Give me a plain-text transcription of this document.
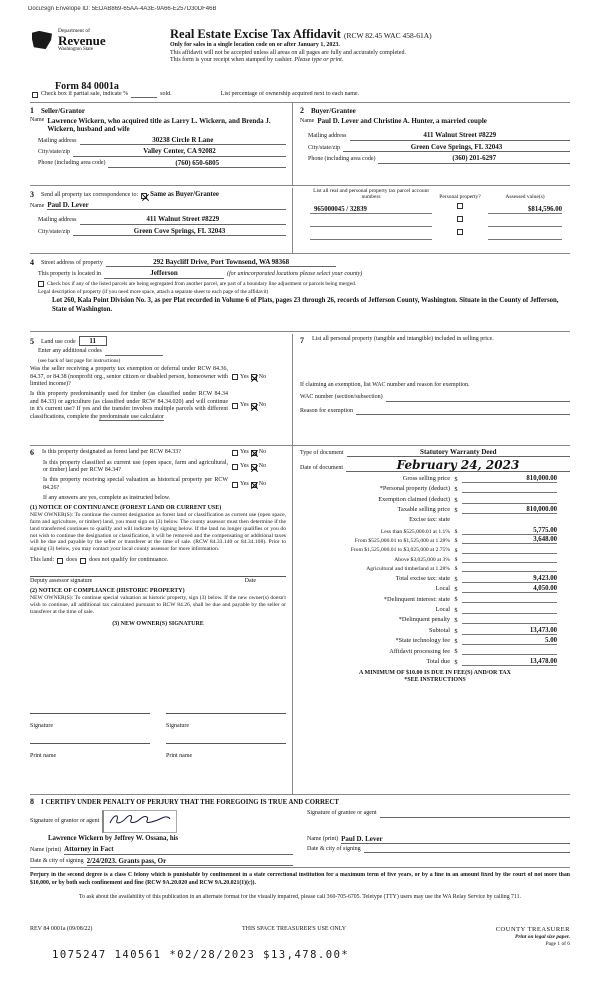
DocuSign Envelope ID: 5EDAB869-65AA-4A3E-9A66-E257D30DF46B
Department of
Revenue
Washington State
Real Estate Excise Tax Affidavit (RCW 82.45 WAC 458-61A)
Only for sales in a single location code on or after January 1, 2023.
This affidavit will not be accepted unless all areas on all pages are fully and accurately completed.
This form is your receipt when stamped by cashier. Please type or print.
Form 84 0001a
Check box if partial sale, indicate %	sold.	List percentage of ownership acquired next to each name.
1 Seller/Grantor
Name Lawrence Wickern, who acquired title as Larry L. Wickern, and Brenda J. Wickern, husband and wife
Mailing address	30238 Circle R Lane
City/state/zip	Valley Center, CA 92082
Phone (including area code)	(760) 650-6805
2 Buyer/Grantee
Name Paul D. Lever and Christine A. Hunter, a married couple
Mailing address	411 Walnut Street #8229
City/state/zip	Green Cove Springs, FL 32043
Phone (including area code)	(360) 201-6297
3 Send all property tax correspondence to: Same as Buyer/Grantee
Name Paul D. Lever
Mailing address	411 Walnut Street #8229
City/state/zip	Green Cove Springs, FL 32043
List all real and personal property tax parcel account numbers	Personal property?	Assessed value(s)
965000045 / 32839	$814,596.00
4 Street address of property	292 Baycliff Drive, Port Townsend, WA 98368
This property is located in	Jefferson	(for unincorporated locations please select your county)
Check box if any of the listed parcels are being segregated from another parcel, are part of a boundary line adjustment or parcels being merged.
Legal description of property (if you need more space, attach a separate sheet to each page of the affidavit)
Lot 260, Kala Point Division No. 3, as per Plat recorded in Volume 6 of Plats, pages 23 through 26, records of Jefferson County, Washington. Situate in the County of Jefferson, State of Washington.
5 Land use code	11
Enter any additional codes
(see back of last page for instructions)
Was the seller receiving a property tax exemption or deferral under RCW 84.36, 84.37, or 84.38 (nonprofit org., senior citizen or disabled person, homeowner with limited income)?
Yes No
Is this property predominantly used for timber (as classified under RCW 84.34 and 84.33) or agriculture (as classified under RCW 84.34.020) and will continue in it's current use? If yes and the transfer involves multiple parcels with different classifications, complete the predominate use calculator
Yes No
7 List all personal property (tangible and intangible) included in selling price.
If claiming an exemption, list WAC number and reason for exemption.
WAC number (section/subsection)
Reason for exemption
6 Is this property designated as forest land per RCW 84.33?	Yes No
Is this property classified as current use (open space, farm and agricultural, or timber) land per RCW 84.34?
Yes No
Is this property receiving special valuation as historical property per RCW 84.26?
Yes No
If any answers are yes, complete as instructed below.
(1) NOTICE OF CONTINUANCE (FOREST LAND OR CURRENT USE)
NEW OWNER(S): To continue the current designation as forest land or classification as current use (open space, farm and agriculture, or timber) land, you must sign on (3) below. The county assessor must then determine if the land transferred continues to qualify and will indicate by signing below. If the land no longer qualifies or you do not wish to continue the designation or classification, it will be removed and the compensating or additional taxes will be due and payable by the seller or transferer at the time of sale. (RCW 84.33.140 or 84.34.108). Prior to signing (3) below, you may contact your local county assessor for more information.
This land: does does not qualify for continuance.
Deputy assessor signature	Date
(2) NOTICE OF COMPLIANCE (HISTORIC PROPERTY)
NEW OWNER(S): To continue special valuation as historic property, sign (3) below. If the new owner(s) doesn't wish to continue, all additional tax calculated pursuant to RCW 84.26, shall be due and payable by the seller or transferer at the time of sale.
(3) NEW OWNER(S) SIGNATURE
Signature	Signature
Print name	Print name
Type of document	Statutory Warranty Deed
Date of document	February 24, 2023
Gross selling price $	810,000.00
*Personal property (deduct) $
Exemption claimed (deduct) $
Taxable selling price $	810,000.00
Excise tax: state
Less than $525,000.01 at 1.1% $	5,775.00
From $525,000.01 to $1,525,000 at 1.28% $	3,648.00
From $1,525,000.01 to $3,025,000 at 2.75% $
Above $3,025,000 at 3% $
Agricultural and timberland at 1.28% $
Total excise tax: state $	9,423.00
Local $	4,050.00
*Delinquent interest: state $
Local $
*Delinquent penalty $
Subtotal $	13,473.00
*State technology fee $	5.00
Affidavit processing fee $
Total due $	13,478.00
A MINIMUM OF $10.00 IS DUE IN FEE(S) AND/OR TAX
*SEE INSTRUCTIONS
8 I CERTIFY UNDER PENALTY OF PERJURY THAT THE FOREGOING IS TRUE AND CORRECT
Signature of grantor or agent
Lawrence Wickern by Jeffrey W. Ossana, his
Name (print) Attorney in Fact
Date & city of signing 2/24/2023. Grants pass, Or
Signature of grantee or agent
Name (print) Paul D. Lever
Date & city of signing
Perjury in the second degree is a class C felony which is punishable by confinement in a state correctional institution for a maximum term of five years, or by a fine in an amount fixed by the court of not more than $10,000, or by both such confinement and fine (RCW 9A.20.020 and RCW 9A.20.021(1)(c)).
To ask about the availability of this publication in an alternate format for the visually impaired, please call 360-705-6705. Teletype (TTY) users may use the WA Relay Service by calling 711.
REV 84 0001a (09/08/22)	THIS SPACE TREASURER'S USE ONLY	COUNTY TREASURER
Print on legal size paper.
Page 1 of 6
1075247 140561 *02/28/2023 $13,478.00*
